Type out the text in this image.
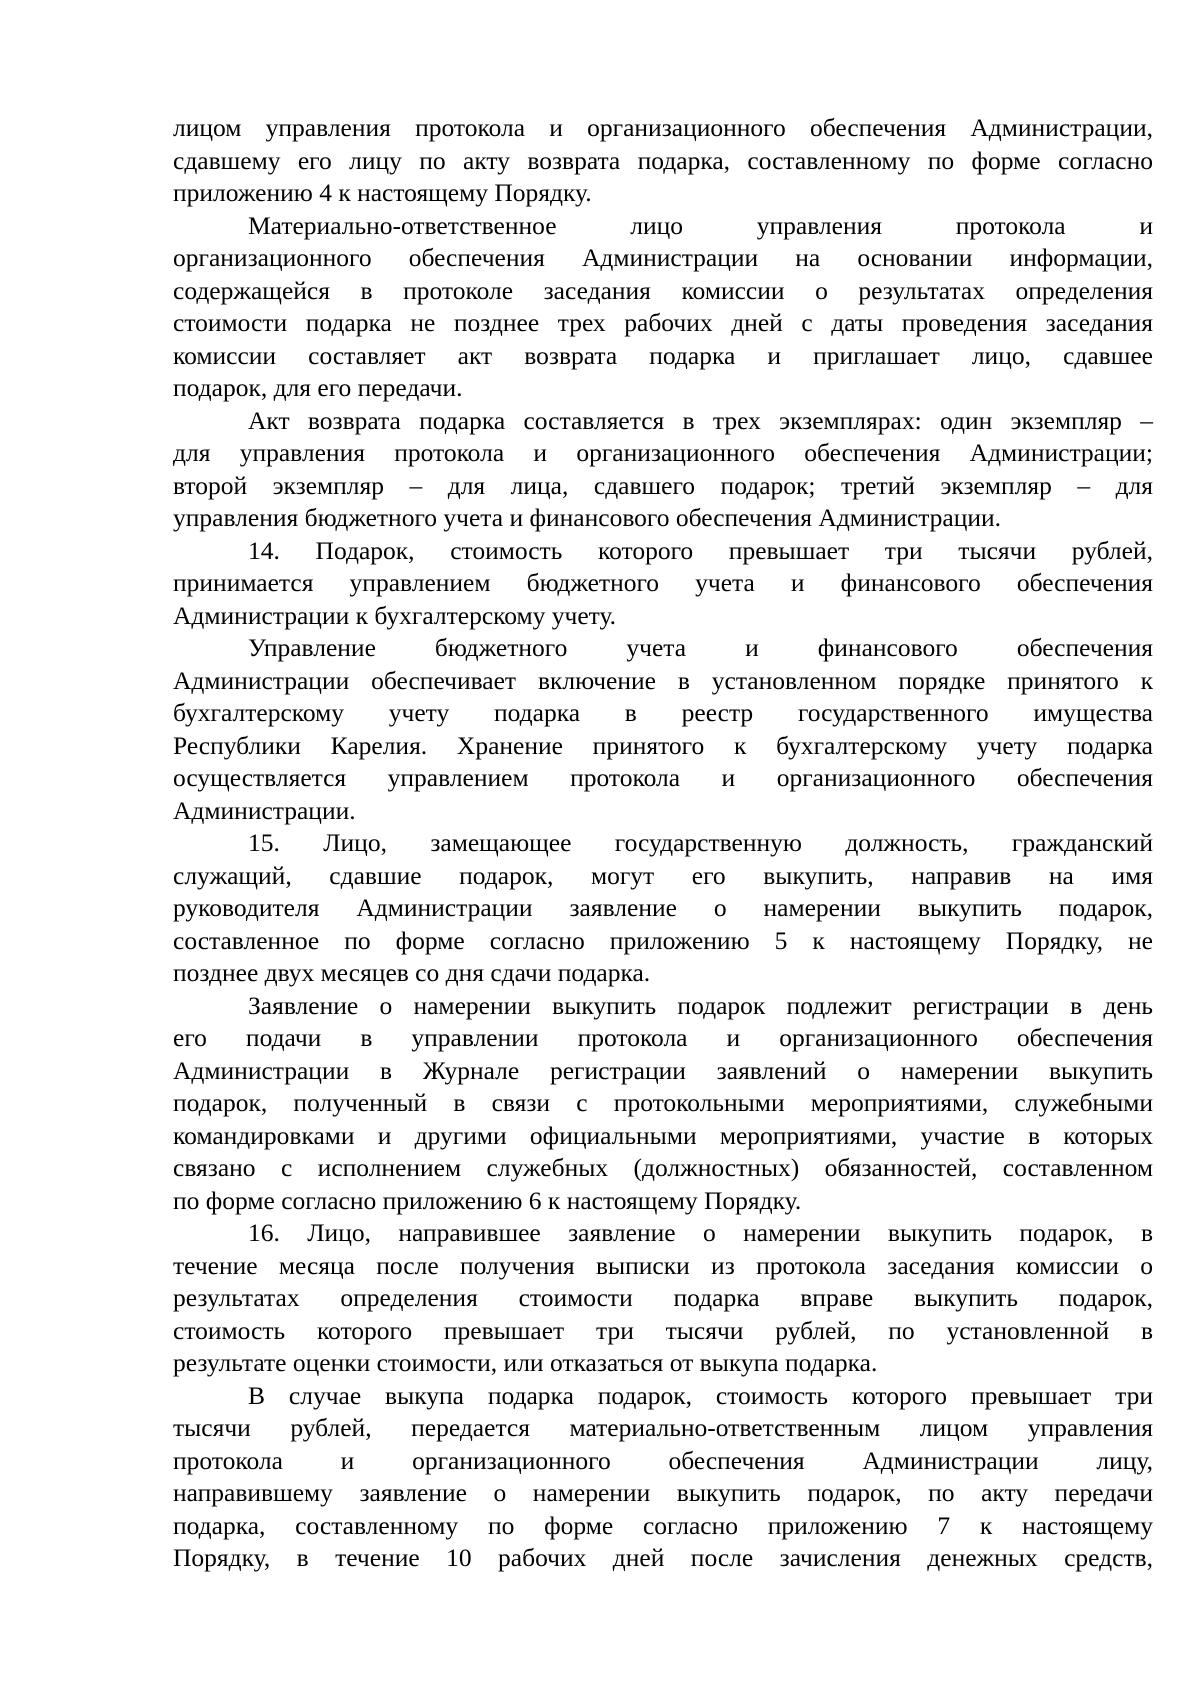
лицом управления протокола и организационного обеспечения Администрации,
сдавшему его лицу по акту возврата подарка, составленному по форме согласно
приложению 4 к настоящему Порядку.
Материально-ответственное лицо управления протокола и
организационного обеспечения Администрации на основании информации,
содержащейся в протоколе заседания комиссии о результатах определения
стоимости подарка не позднее трех рабочих дней с даты проведения заседания
комиссии составляет акт возврата подарка и приглашает лицо, сдавшее
подарок, для его передачи.
Акт возврата подарка составляется в трех экземплярах: один экземпляр –
для управления протокола и организационного обеспечения Администрации;
второй экземпляр – для лица, сдавшего подарок; третий экземпляр – для
управления бюджетного учета и финансового обеспечения Администрации.
14. Подарок, стоимость которого превышает три тысячи рублей,
принимается управлением бюджетного учета и финансового обеспечения
Администрации к бухгалтерскому учету.
Управление бюджетного учета и финансового обеспечения
Администрации обеспечивает включение в установленном порядке принятого к
бухгалтерскому учету подарка в реестр государственного имущества
Республики Карелия. Хранение принятого к бухгалтерскому учету подарка
осуществляется управлением протокола и организационного обеспечения
Администрации.
15. Лицо, замещающее государственную должность, гражданский
служащий, сдавшие подарок, могут его выкупить, направив на имя
руководителя Администрации заявление о намерении выкупить подарок,
составленное по форме согласно приложению 5 к настоящему Порядку, не
позднее двух месяцев со дня сдачи подарка.
Заявление о намерении выкупить подарок подлежит регистрации в день
его подачи в управлении протокола и организационного обеспечения
Администрации в Журнале регистрации заявлений о намерении выкупить
подарок, полученный в связи с протокольными мероприятиями, служебными
командировками и другими официальными мероприятиями, участие в которых
связано с исполнением служебных (должностных) обязанностей, составленном
по форме согласно приложению 6 к настоящему Порядку.
16. Лицо, направившее заявление о намерении выкупить подарок, в
течение месяца после получения выписки из протокола заседания комиссии о
результатах определения стоимости подарка вправе выкупить подарок,
стоимость которого превышает три тысячи рублей, по установленной в
результате оценки стоимости, или отказаться от выкупа подарка.
В случае выкупа подарка подарок, стоимость которого превышает три
тысячи рублей, передается материально-ответственным лицом управления
протокола и организационного обеспечения Администрации лицу,
направившему заявление о намерении выкупить подарок, по акту передачи
подарка, составленному по форме согласно приложению 7 к настоящему
Порядку, в течение 10 рабочих дней после зачисления денежных средств,
